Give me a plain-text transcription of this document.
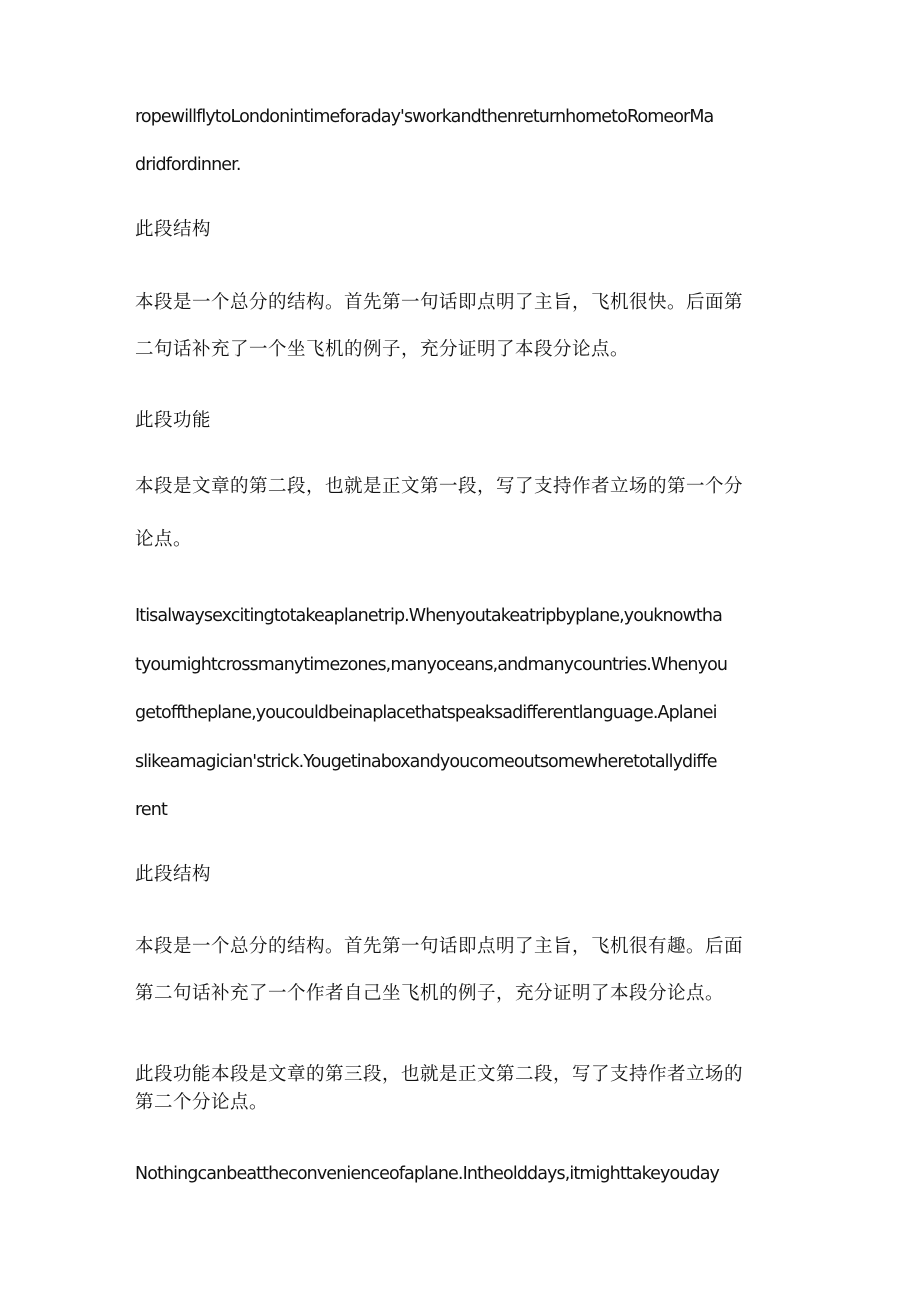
ropewillflytoLondonintimeforaday'sworkandthenreturnhometoRomeorMa
dridfordinner.
此段结构
本段是一个总分的结构。首先第一句话即点明了主旨，飞机很快。后面第
二句话补充了一个坐飞机的例子，充分证明了本段分论点。
此段功能
本段是文章的第二段，也就是正文第一段，写了支持作者立场的第一个分
论点。
Itisalwaysexcitingtotakeaplanetrip.Whenyoutakeatripbyplane,youknowtha
tyoumightcrossmanytimezones,manyoceans,andmanycountries.Whenyou
getofftheplane,youcouldbeinaplacethatspeaksadifferentlanguage.Aplanei
slikeamagician'strick.Yougetinaboxandyoucomeoutsomewheretotallydiffe
rent
此段结构
本段是一个总分的结构。首先第一句话即点明了主旨，飞机很有趣。后面
第二句话补充了一个作者自己坐飞机的例子，充分证明了本段分论点。
此段功能本段是文章的第三段，也就是正文第二段，写了支持作者立场的
第二个分论点。
Nothingcanbeattheconvenienceofaplane.Intheolddays,itmighttakeyouday
